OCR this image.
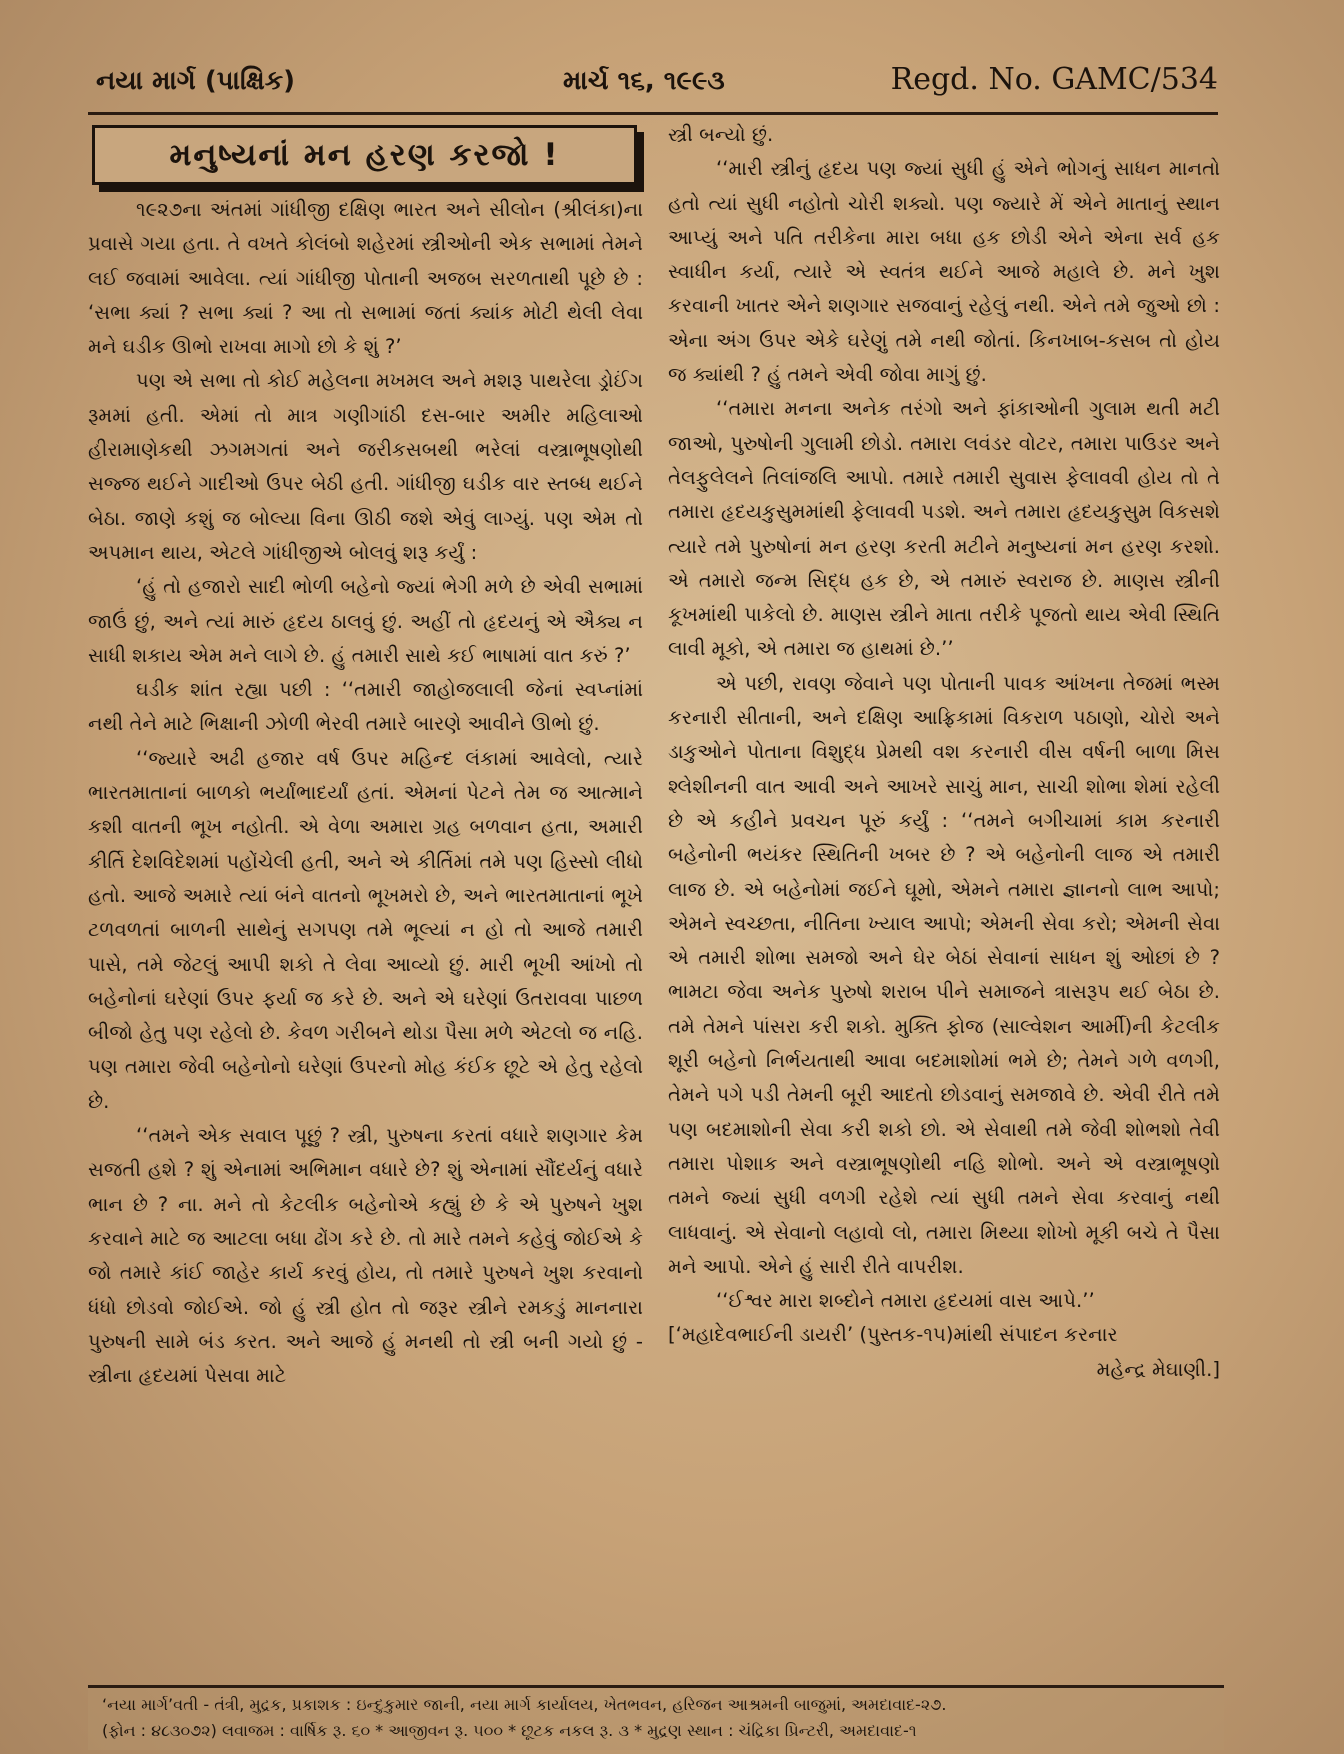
નયા માર્ગ (પાક્ષિક)	માર્ચ ૧૬, ૧૯૯૩	Regd. No. GAMC/534
મનુષ્યનાં મન હરણ કરજો !

૧૯૨૭ના અંતમાં ગાંધીજી દક્ષિણ ભારત અને સીલોન (શ્રીલંકા)ના પ્રવાસે ગયા હતા. તે વખતે કોલંબો શહેરમાં સ્ત્રીઓની એક સભામાં તેમને લઈ જવામાં આવેલા. ત્યાં ગાંધીજી પોતાની અજબ સરળતાથી પૂછે છે : ‘સભા ક્યાં ? સભા ક્યાં ? આ તો સભામાં જતાં ક્યાંક મોટી થેલી લેવા મને ઘડીક ઊભો રાખવા માગો છો કે શું ?’

પણ એ સભા તો કોઈ મહેલના મખમલ અને મશરૂ પાથરેલા ડ્રોઈંગ રૂમમાં હતી. એમાં તો માત્ર ગણીગાંઠી દસ-બાર અમીર મહિલાઓ હીરામાણેકથી ઝગમગતાં અને જરીકસબથી ભરેલાં વસ્ત્રાભૂષણોથી સજ્જ થઈને ગાદીઓ ઉપર બેઠી હતી. ગાંધીજી ઘડીક વાર સ્તબ્ધ થઈને બેઠા. જાણે કશું જ બોલ્યા વિના ઊઠી જશે એવું લાગ્યું. પણ એમ તો અપમાન થાય, એટલે ગાંધીજીએ બોલવું શરૂ કર્યું :

‘હું તો હજારો સાદી ભોળી બહેનો જ્યાં ભેગી મળે છે એવી સભામાં જાઉં છું, અને ત્યાં મારું હૃદય ઠાલવું છું. અહીં તો હૃદયનું એ ઐક્ય ન સાધી શકાય એમ મને લાગે છે. હું તમારી સાથે કઈ ભાષામાં વાત કરું ?’

ઘડીક શાંત રહ્યા પછી : ‘‘તમારી જાહોજલાલી જેનાં સ્વપ્નાંમાં નથી તેને માટે ભિક્ષાની ઝોળી ભેરવી તમારે બારણે આવીને ઊભો છું.

‘‘જ્યારે અઢી હજાર વર્ષ ઉપર મહિન્દ લંકામાં આવેલો, ત્યારે ભારતમાતાનાં બાળકો ભર્યાંભાદર્યાં હતાં. એમનાં પેટને તેમ જ આત્માને કશી વાતની ભૂખ નહોતી. એ વેળા અમારા ગ્રહ બળવાન હતા, અમારી કીર્તિ દેશવિદેશમાં પહોંચેલી હતી, અને એ કીર્તિમાં તમે પણ હિસ્સો લીધો હતો. આજે અમારે ત્યાં બંને વાતનો ભૂખમરો છે, અને ભારતમાતાનાં ભૂખે ટળવળતાં બાળની સાથેનું સગપણ તમે ભૂલ્યાં ન હો તો આજે તમારી પાસે, તમે જેટલું આપી શકો તે લેવા આવ્યો છું. મારી ભૂખી આંખો તો બહેનોનાં ઘરેણાં ઉપર ફર્યા જ કરે છે. અને એ ઘરેણાં ઉતરાવવા પાછળ બીજો હેતુ પણ રહેલો છે. કેવળ ગરીબને થોડા પૈસા મળે એટલો જ નહિ. પણ તમારા જેવી બહેનોનો ઘરેણાં ઉપરનો મોહ કંઈક છૂટે એ હેતુ રહેલો છે.

‘‘તમને એક સવાલ પૂછું ? સ્ત્રી, પુરુષના કરતાં વધારે શણગાર કેમ સજતી હશે ? શું એનામાં અભિમાન વધારે છે? શું એનામાં સૌંદર્યનું વધારે ભાન છે ? ના. મને તો કેટલીક બહેનોએ કહ્યું છે કે એ પુરુષને ખુશ કરવાને માટે જ આટલા બધા ઢોંગ કરે છે. તો મારે તમને કહેવું જોઈએ કે જો તમારે કાંઈ જાહેર કાર્ય કરવું હોય, તો તમારે પુરુષને ખુશ કરવાનો ધંધો છોડવો જોઈએ. જો હું સ્ત્રી હોત તો જરૂર સ્ત્રીને રમકડું માનનારા પુરુષની સામે બંડ કરત. અને આજે હું મનથી તો સ્ત્રી બની ગયો છું - સ્ત્રીના હૃદયમાં પેસવા માટે

સ્ત્રી બન્યો છું.

‘‘મારી સ્ત્રીનું હૃદય પણ જ્યાં સુધી હું એને ભોગનું સાધન માનતો હતો ત્યાં સુધી નહોતો ચોરી શક્યો. પણ જ્યારે મેં એને માતાનું સ્થાન આપ્યું અને પતિ તરીકેના મારા બધા હક છોડી એને એના સર્વ હક સ્વાધીન કર્યા, ત્યારે એ સ્વતંત્ર થઈને આજે મહાલે છે. મને ખુશ કરવાની ખાતર એને શણગાર સજવાનું રહેલું નથી. એને તમે જુઓ છો : એના અંગ ઉપર એકે ઘરેણું તમે નથી જોતાં. કિનખાબ-કસબ તો હોય જ ક્યાંથી ? હું તમને એવી જોવા માગું છું.

‘‘તમારા મનના અનેક તરંગો અને ફાંકાઓની ગુલામ થતી મટી જાઓ, પુરુષોની ગુલામી છોડો. તમારા લવંડર વોટર, તમારા પાઉડર અને તેલફુલેલને તિલાંજલિ આપો. તમારે તમારી સુવાસ ફેલાવવી હોય તો તે તમારા હૃદયકુસુમમાંથી ફેલાવવી પડશે. અને તમારા હૃદયકુસુમ વિકસશે ત્યારે તમે પુરુષોનાં મન હરણ કરતી મટીને મનુષ્યનાં મન હરણ કરશો. એ તમારો જન્મ સિદ્ધ હક છે, એ તમારું સ્વરાજ છે. માણસ સ્ત્રીની કૂખમાંથી પાકેલો છે. માણસ સ્ત્રીને માતા તરીકે પૂજતો થાય એવી સ્થિતિ લાવી મૂકો, એ તમારા જ હાથમાં છે.’’

એ પછી, રાવણ જેવાને પણ પોતાની પાવક આંખના તેજમાં ભસ્મ કરનારી સીતાની, અને દક્ષિણ આફ્રિકામાં વિકરાળ પઠાણો, ચોરો અને ડાકુઓને પોતાના વિશુદ્ધ પ્રેમથી વશ કરનારી વીસ વર્ષની બાળા મિસ શ્લેશીનની વાત આવી અને આખરે સાચું માન, સાચી શોભા શેમાં રહેલી છે એ કહીને પ્રવચન પૂરું કર્યું : ‘‘તમને બગીચામાં કામ કરનારી બહેનોની ભયંકર સ્થિતિની ખબર છે ? એ બહેનોની લાજ એ તમારી લાજ છે. એ બહેનોમાં જઈને ઘૂમો, એમને તમારા જ્ઞાનનો લાભ આપો; એમને સ્વચ્છતા, નીતિના ખ્યાલ આપો; એમની સેવા કરો; એમની સેવા એ તમારી શોભા સમજો અને ઘેર બેઠાં સેવાનાં સાધન શું ઓછાં છે ? ભામટા જેવા અનેક પુરુષો શરાબ પીને સમાજને ત્રાસરૂપ થઈ બેઠા છે. તમે તેમને પાંસરા કરી શકો. મુક્તિ ફોજ (સાલ્વેશન આર્મી)ની કેટલીક શૂરી બહેનો નિર્ભયતાથી આવા બદમાશોમાં ભમે છે; તેમને ગળે વળગી, તેમને પગે પડી તેમની બૂરી આદતો છોડવાનું સમજાવે છે. એવી રીતે તમે પણ બદમાશોની સેવા કરી શકો છો. એ સેવાથી તમે જેવી શોભશો તેવી તમારા પોશાક અને વસ્ત્રાભૂષણોથી નહિ શોભો. અને એ વસ્ત્રાભૂષણો તમને જ્યાં સુધી વળગી રહેશે ત્યાં સુધી તમને સેવા કરવાનું નથી લાધવાનું. એ સેવાનો લહાવો લો, તમારા મિથ્યા શોખો મૂકી બચે તે પૈસા મને આપો. એને હું સારી રીતે વાપરીશ.

‘‘ઈશ્વર મારા શબ્દોને તમારા હૃદયમાં વાસ આપે.’’

[‘મહાદેવભાઈની ડાયરી’ (પુસ્તક-૧૫)માંથી સંપાદન કરનાર
મહેન્દ્ર મેઘાણી.]

‘નયા માર્ગ’વતી - તંત્રી, મુદ્રક, પ્રકાશક : ઇન્દુકુમાર જાની, નયા માર્ગ કાર્યાલય, ખેતભવન, હરિજન આશ્રમની બાજુમાં, અમદાવાદ-૨૭.
(ફોન : ૪૮૩૦૭૨) લવાજમ : વાર્ષિક રૂ. ૬૦ * આજીવન રૂ. ૫૦૦ * છૂટક નકલ રૂ. ૩ * મુદ્રણ સ્થાન : ચંદ્રિકા પ્રિન્ટરી, અમદાવાદ-૧
